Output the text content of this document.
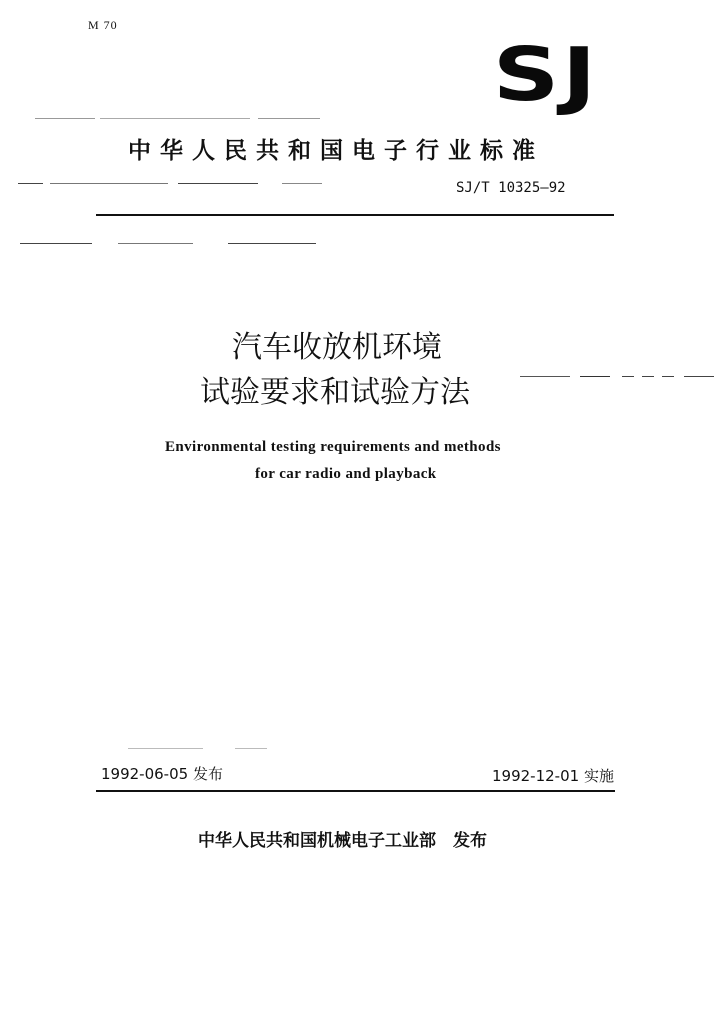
M 70
SJ
中华人民共和国电子行业标准
SJ/T 10325—92
汽车收放机环境
试验要求和试验方法
Environmental testing requirements and methods
for car radio and playback
1992-06-05 发布	1992-12-01 实施
中华人民共和国机械电子工业部　发布
